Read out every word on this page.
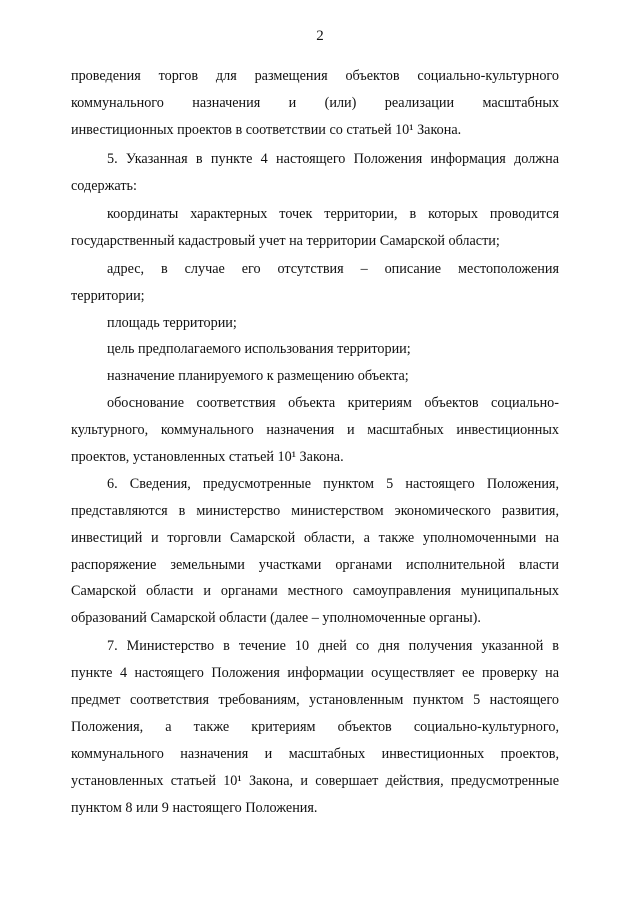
2
проведения торгов для размещения объектов социально-культурного
коммунального назначения и (или) реализации масштабных
инвестиционных проектов в соответствии со статьей 10¹ Закона.
5. Указанная в пункте 4 настоящего Положения информация должна
содержать:
координаты характерных точек территории, в которых проводится
государственный кадастровый учет на территории Самарской области;
адрес, в случае его отсутствия – описание местоположения
территории;
площадь территории;
цель предполагаемого использования территории;
назначение планируемого к размещению объекта;
обоснование соответствия объекта критериям объектов социально-
культурного, коммунального назначения и масштабных инвестиционных
проектов, установленных статьей 10¹ Закона.
6. Сведения, предусмотренные пунктом 5 настоящего Положения,
представляются в министерство министерством экономического развития,
инвестиций и торговли Самарской области, а также уполномоченными на
распоряжение земельными участками органами исполнительной власти
Самарской области и органами местного самоуправления муниципальных
образований Самарской области (далее – уполномоченные органы).
7. Министерство в течение 10 дней со дня получения указанной в
пункте 4 настоящего Положения информации осуществляет ее проверку на
предмет соответствия требованиям, установленным пунктом 5 настоящего
Положения, а также критериям объектов социально-культурного,
коммунального назначения и масштабных инвестиционных проектов,
установленных статьей 10¹ Закона, и совершает действия, предусмотренные
пунктом 8 или 9 настоящего Положения.
